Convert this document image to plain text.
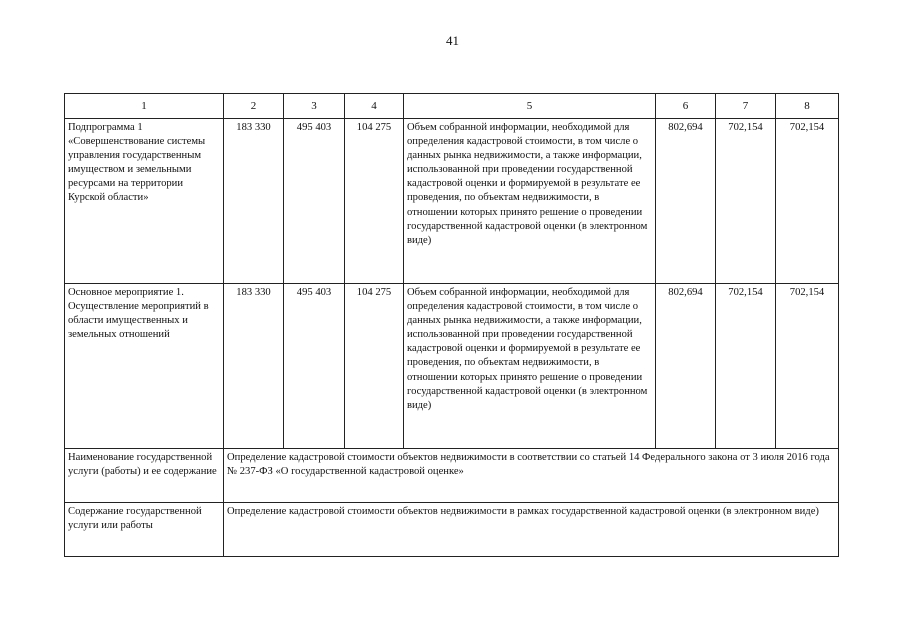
41
1	2	3	4	5	6	7	8
Подпрограмма 1 «Совершенствование системы управления государственным имуществом и земельными ресурсами на территории Курской области»	183 330	495 403	104 275	Объем собранной информации, необходимой для определения кадастровой стоимости, в том числе о данных рынка недвижимости, а также информации, использованной при проведении государственной кадастровой оценки и формируемой в результате ее проведения, по объектам недвижимости, в отношении которых принято решение о проведении государственной кадастровой оценки (в электронном виде)	802,694	702,154	702,154
Основное мероприятие 1. Осуществление мероприятий в области имущественных и земельных отношений	183 330	495 403	104 275	Объем собранной информации, необходимой для определения кадастровой стоимости, в том числе о данных рынка недвижимости, а также информации, использованной при проведении государственной кадастровой оценки и формируемой в результате ее проведения, по объектам недвижимости, в отношении которых принято решение о проведении государственной кадастровой оценки (в электронном виде)	802,694	702,154	702,154
Наименование государственной услуги (работы) и ее содержание	Определение кадастровой стоимости объектов недвижимости в соответствии со статьей 14 Федерального закона от 3 июля 2016 года № 237-ФЗ «О государственной кадастровой оценке»						
Содержание государственной услуги или работы	Определение кадастровой стоимости объектов недвижимости в рамках государственной кадастровой оценки (в электронном виде)						
